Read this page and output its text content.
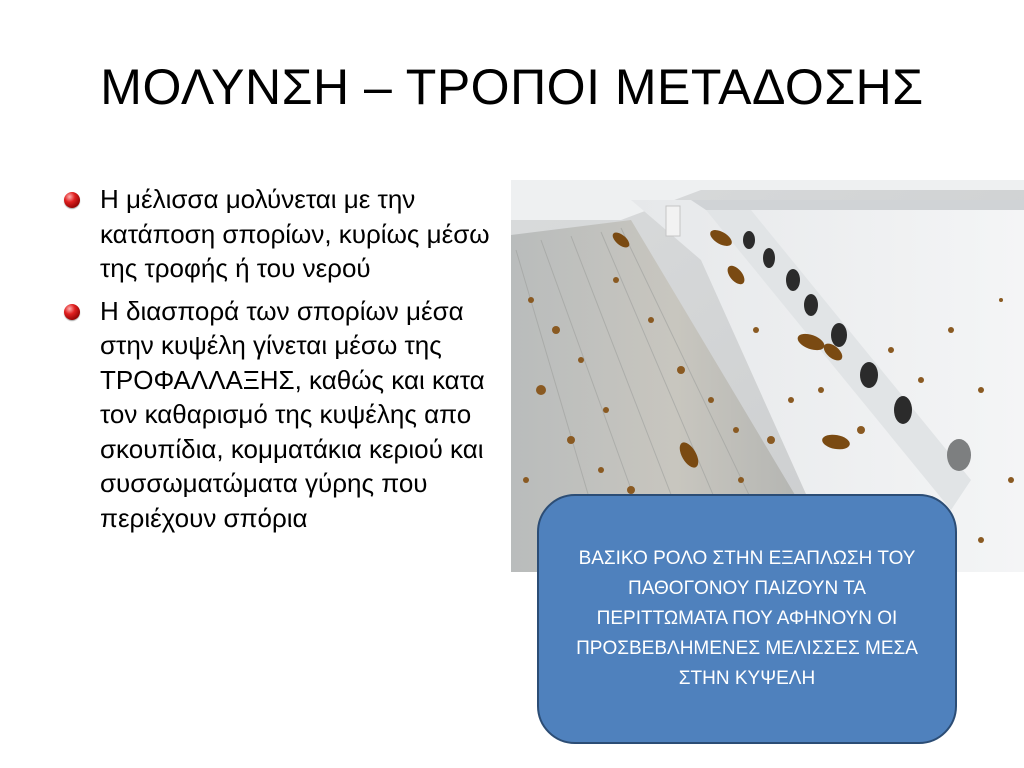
ΜΟΛΥΝΣΗ – ΤΡΟΠΟΙ ΜΕΤΑΔΟΣΗΣ
Η μέλισσα μολύνεται με την κατάποση σπορίων, κυρίως μέσω της τροφής ή του νερού
Η διασπορά των σπορίων μέσα στην κυψέλη γίνεται μέσω της ΤΡΟΦΑΛΛΑΞΗΣ, καθώς και κατα τον καθαρισμό της κυψέλης απο σκουπίδια, κομματάκια κεριού και συσσωματώματα γύρης που περιέχουν σπόρια
ΒΑΣΙΚΟ ΡΟΛΟ ΣΤΗΝ ΕΞΑΠΛΩΣΗ ΤΟΥ ΠΑΘΟΓΟΝΟΥ ΠΑΙΖΟΥΝ ΤΑ ΠΕΡΙΤΤΩΜΑΤΑ ΠΟΥ ΑΦΗΝΟΥΝ ΟΙ ΠΡΟΣΒΕΒΛΗΜΕΝΕΣ ΜΕΛΙΣΣΕΣ ΜΕΣΑ ΣΤΗΝ ΚΥΨΕΛΗ
